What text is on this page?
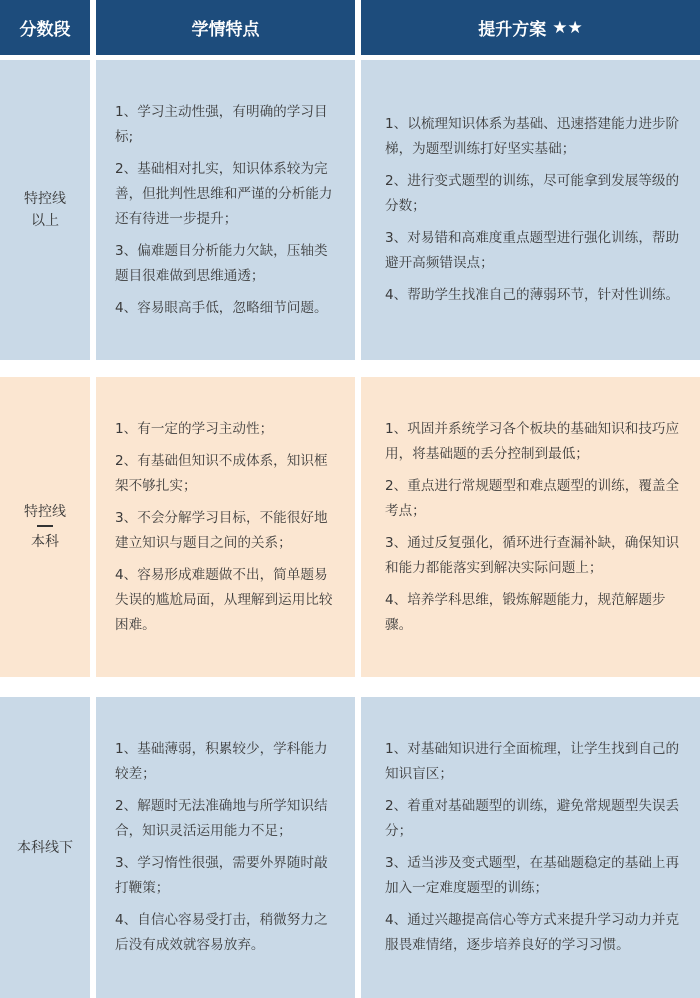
分数段	学情特点	提升方案
★★
特控线
以上
1、学习主动性强，有明确的学习目标;
2、基础相对扎实，知识体系较为完善，但批判性思维和严谨的分析能力还有待进一步提升；
3、偏难题目分析能力欠缺，压轴类题目很难做到思维通透；
4、容易眼高手低，忽略细节问题。
1、以梳理知识体系为基础、迅速搭建能力进步阶梯，为题型训练打好坚实基础；
2、进行变式题型的训练，尽可能拿到发展等级的分数；
3、对易错和高难度重点题型进行强化训练，帮助避开高频错误点；
4、帮助学生找准自己的薄弱环节，针对性训练。
特控线
本科
1、有一定的学习主动性；
2、有基础但知识不成体系，知识框架不够扎实；
3、不会分解学习目标，不能很好地建立知识与题目之间的关系；
4、容易形成难题做不出，简单题易失误的尴尬局面，从理解到运用比较困难。
1、巩固并系统学习各个板块的基础知识和技巧应用，将基础题的丢分控制到最低；
2、重点进行常规题型和难点题型的训练，覆盖全考点；
3、通过反复强化，循环进行查漏补缺，确保知识和能力都能落实到解决实际问题上；
4、培养学科思维，锻炼解题能力，规范解题步骤。
本科线下
1、基础薄弱，积累较少，学科能力较差；
2、解题时无法准确地与所学知识结合，知识灵活运用能力不足；
3、学习惰性很强，需要外界随时敲打鞭策；
4、自信心容易受打击，稍微努力之后没有成效就容易放弃。
1、对基础知识进行全面梳理，让学生找到自己的知识盲区；
2、着重对基础题型的训练，避免常规题型失误丢分；
3、适当涉及变式题型，在基础题稳定的基础上再加入一定难度题型的训练；
4、通过兴趣提高信心等方式来提升学习动力并克服畏难情绪，逐步培养良好的学习习惯。
